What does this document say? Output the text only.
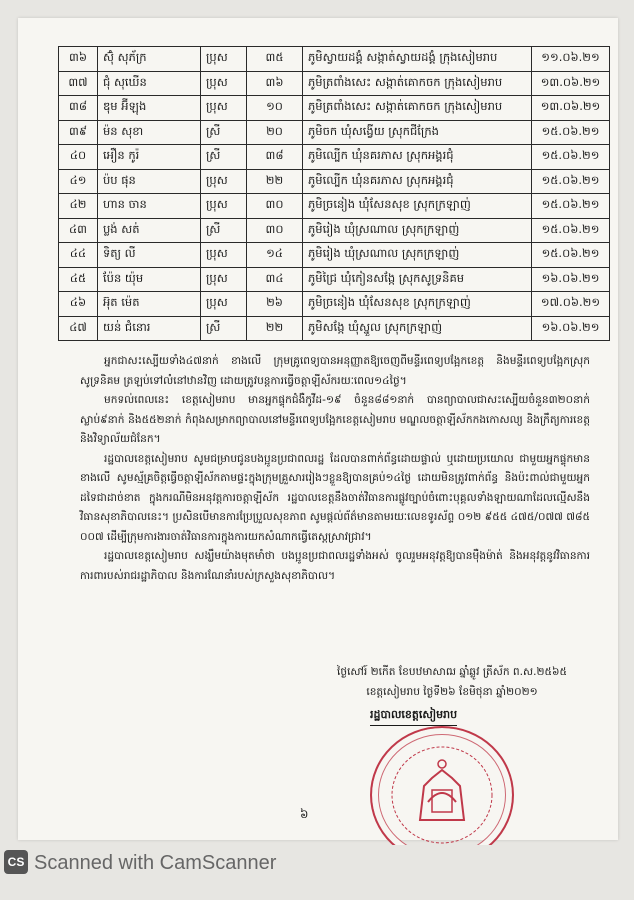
៣៦	ស៊ុំ សុភ័ក្រ	ប្រុស	៣៥	ភូមិស្វាយដង្គំ សង្កាត់ស្វាយដង្គំ ក្រុងសៀមរាប	១១.០៦.២១
៣៧	ជុំ សុឃើន	ប្រុស	៣៦	ភូមិត្រពាំងសេះ សង្កាត់គោកចក ក្រុងសៀមរាប	១៣.០៦.២១
៣៨	ឌុម អ៊ីឡុង	ប្រុស	១០	ភូមិត្រពាំងសេះ សង្កាត់គោកចក ក្រុងសៀមរាប	១៣.០៦.២១
៣៩	ម៉ន សុខា	ស្រី	២០	ភូមិចក ឃុំសង្វើយ ស្រុកជីក្រែង	១៥.០៦.២១
៤០	អឿន កូរ៉	ស្រី	៣៨	ភូមិល្បើក ឃុំនគរភាស ស្រុកអង្គរជុំ	១៥.០៦.២១
៤១	ប៉ប ផុន	ប្រុស	២២	ភូមិល្បើក ឃុំនគរភាស ស្រុកអង្គរជុំ	១៥.០៦.២១
៤២	ហាន ចាន	ប្រុស	៣០	ភូមិច្រនៀង ឃុំសែនសុខ ស្រុកក្រឡាញ់	១៥.០៦.២១
៤៣	ប្លង់ សត់	ស្រី	៣០	ភូមិរៀង ឃុំស្រណាល ស្រុកក្រឡាញ់	១៥.០៦.២១
៤៤	ទិត្យ លី	ប្រុស	១៤	ភូមិរៀង ឃុំស្រណាល ស្រុកក្រឡាញ់	១៥.០៦.២១
៤៥	ប៉ែន យ៉ុម	ប្រុស	៣៤	ភូមិជ្រៃ ឃុំកៀនសង្កែ ស្រុកសូទ្រនិគម	១៦.០៦.២១
៤៦	អ៊ុត ម៉េត	ប្រុស	២៦	ភូមិច្រនៀង ឃុំសែនសុខ ស្រុកក្រឡាញ់	១៧.០៦.២១
៤៧	យន់ ជំនោរ	ស្រី	២២	ភូមិសង្កែ ឃុំស្នួល ស្រុកក្រឡាញ់	១៦.០៦.២១

អ្នកជាសះស្បើយទាំង៤៧នាក់ ខាងលើ ក្រុមគ្រូពេទ្យបានអនុញ្ញាតឱ្យចេញពីមន្ទីរពេទ្យបង្អែកខេត្ត និងមន្ទីរពេទ្យបង្អែកស្រុកសូទ្រនិគម ត្រឡប់ទៅលំនៅឋានវិញ ដោយត្រូវបន្តការធ្វើចត្តាឡីស័ករយៈពេល១៤ថ្ងៃ។

មកទល់ពេលនេះ ខេត្តសៀមរាប មានអ្នកផ្ទុកជំងឺកូវីដ-១៩ ចំនួន៨៨១នាក់ បានព្យាបាលជាសះស្បើយចំនួន៣២០នាក់ ស្លាប់៩នាក់ និង៥៥២នាក់ កំពុងសម្រាកព្យាបាលនៅមន្ទីរពេទ្យបង្អែកខេត្តសៀមរាប មណ្ឌលចត្តាឡីស័កកងកោសល្យ និងក្រឹត្យការខេត្ត និងវិទ្យាល័យជំនែក។

រដ្ឋបាលខេត្តសៀមរាប សូមជម្រាបជូនបងប្អូនប្រជាពលរដ្ឋ ដែលបានពាក់ព័ន្ធដោយផ្ទាល់ ឬដោយប្រយោល ជាមួយអ្នកផ្ទុកមានខាងលើ សូមស្ម័គ្រចិត្តធ្វើចត្តាឡីស័កតាមផ្ទះក្នុងក្រុមគ្រួសាររៀងៗខ្លួនឱ្យបានគ្រប់១៤ថ្ងៃ ដោយមិនត្រូវពាក់ព័ន្ធ និងប៉ះពាល់ជាមួយអ្នកដទៃជាដាច់ខាត ក្នុងករណីមិនអនុវត្តការចត្តាឡីស័ក រដ្ឋបាលខេត្តនឹងចាត់វិធានការផ្លូវច្បាប់ចំពោះបុគ្គលទាំងឡាយណាដែលល្មើសនឹងវិធានសុខាភិបាលនេះ។ ប្រសិនបើមានការប្រែប្រួលសុខភាព សូមផ្តល់ព័ត៌មានតាមរយៈលេខទូរស័ព្ទ ០១២ ៩៥៥ ៤៧៥/០៧៧ ៧៨៥ ០០៧ ដើម្បីក្រុមការងារចាត់វិធានការក្នុងការយកសំណាកធ្វើតេស្តស្រាវជ្រាវ។

រដ្ឋបាលខេត្តសៀមរាប សង្ឃឹមយ៉ាងមុតមាំថា បងប្អូនប្រជាពលរដ្ឋទាំងអស់ ចូលរួមអនុវត្តឱ្យបានម៉ឺងម៉ាត់ និងអនុវត្តនូវវិធានការការពារបស់រាជរដ្ឋាភិបាល និងការណែនាំរបស់ក្រសួងសុខាភិបាល។

ថ្ងៃសៅរ៍ ២កើត ខែបឋមាសាឍ ឆ្នាំឆ្លូវ ត្រីស័ក ព.ស.២៥៦៥
ខេត្តសៀមរាប ថ្ងៃទី២៦ ខែមិថុនា ឆ្នាំ២០២១
រដ្ឋបាលខេត្តសៀមរាប
៦
CS Scanned with CamScanner
